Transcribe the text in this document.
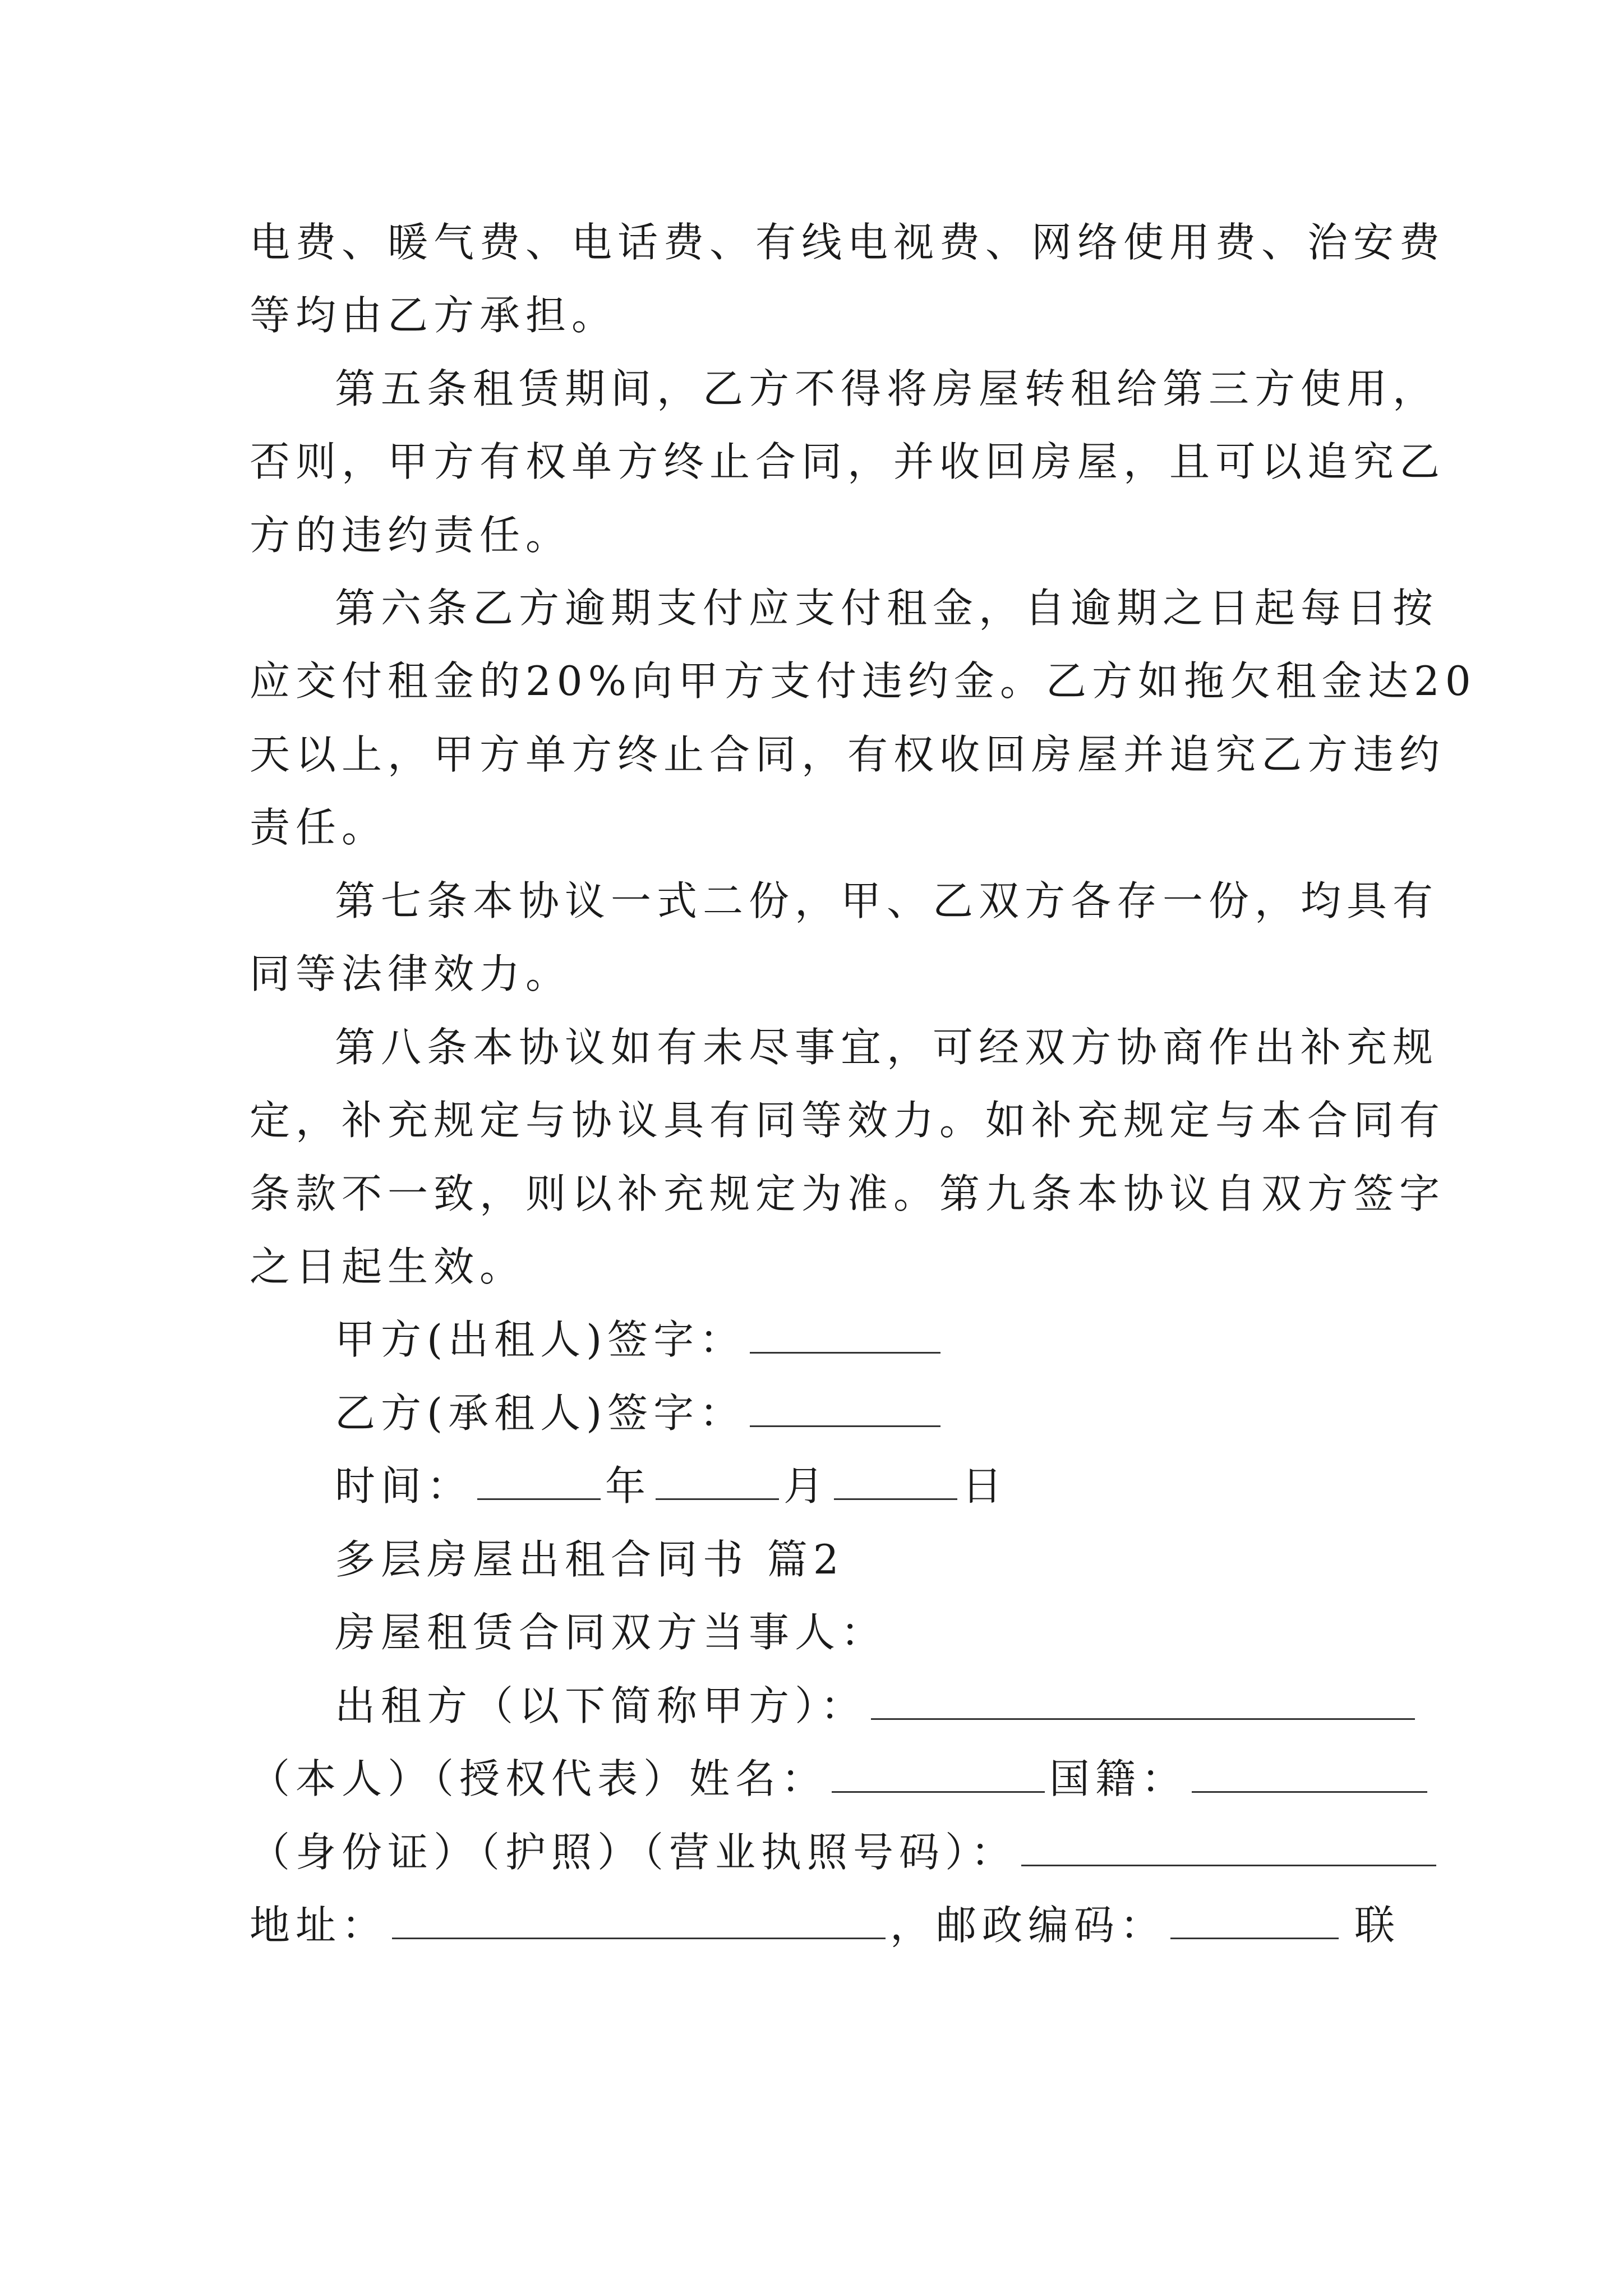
电费、暖气费、电话费、有线电视费、网络使用费、治安费
等均由乙方承担。
第五条租赁期间，乙方不得将房屋转租给第三方使用，
否则，甲方有权单方终止合同，并收回房屋，且可以追究乙
方的违约责任。
第六条乙方逾期支付应支付租金，自逾期之日起每日按
应交付租金的20%向甲方支付违约金。乙方如拖欠租金达20
天以上，甲方单方终止合同，有权收回房屋并追究乙方违约
责任。
第七条本协议一式二份，甲、乙双方各存一份，均具有
同等法律效力。
第八条本协议如有未尽事宜，可经双方协商作出补充规
定，补充规定与协议具有同等效力。如补充规定与本合同有
条款不一致，则以补充规定为准。第九条本协议自双方签字
之日起生效。
甲方(出租人)签字：
乙方(承租人)签字：
时间：	年	月	日
多层房屋出租合同书 篇2
房屋租赁合同双方当事人：
出租方（以下简称甲方）：
（本人）（授权代表）姓名：	国籍：
（身份证）（护照）（营业执照号码）：
地址：	，邮政编码：	联
